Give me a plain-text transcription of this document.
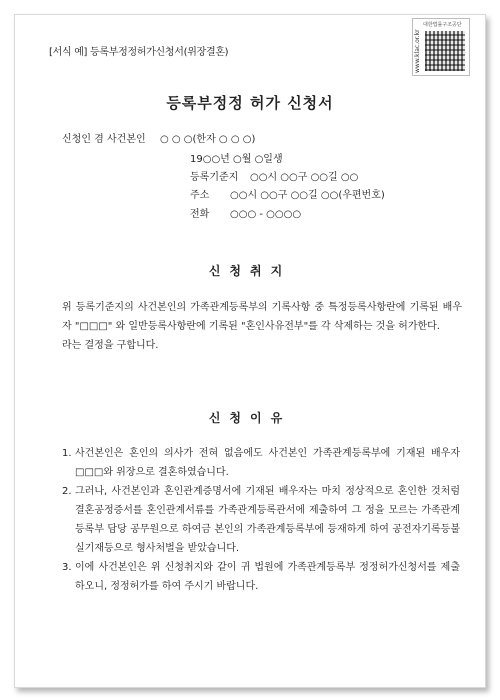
[서식 예] 등록부정정허가신청서(위장결혼)	www.klac.or.kr
대한법률구조공단
등록부정정 허가 신청서
신청인 겸 사건본인 ○ ○ ○(한자 ○ ○ ○)
19○○년 ○월 ○일생
등록기준지 ○○시 ○○구 ○○길 ○○
주소 ○○시 ○○구 ○○길 ○○(우편번호)
전화 ○○○ - ○○○○
신청취지

위 등록기준지의 사건본인의 가족관계등록부의 기록사항 중 특정등록사항란에 기록된 배우자 "□□□" 와 일반등록사항란에 기록된 "혼인사유전부"를 각 삭제하는 것을 허가한다.

라는 결정을 구합니다.

신청이유
1. 사건본인은 혼인의 의사가 전혀 없음에도 사건본인 가족관계등록부에 기재된 배우자 □□□와 위장으로 결혼하였습니다.
2. 그러나, 사건본인과 혼인관계증명서에 기재된 배우자는 마치 정상적으로 혼인한 것처럼 결혼공정증서를 혼인관계서류를 가족관계등록관서에 제출하여 그 정을 모르는 가족관계등록부 담당 공무원으로 하여금 본인의 가족관계등록부에 등재하게 하여 공전자기록등불실기재등으로 형사처벌을 받았습니다.
3. 이에 사건본인은 위 신청취지와 같이 귀 법원에 가족관계등록부 정정허가신청서를 제출하오니, 정정허가를 하여 주시기 바랍니다.
